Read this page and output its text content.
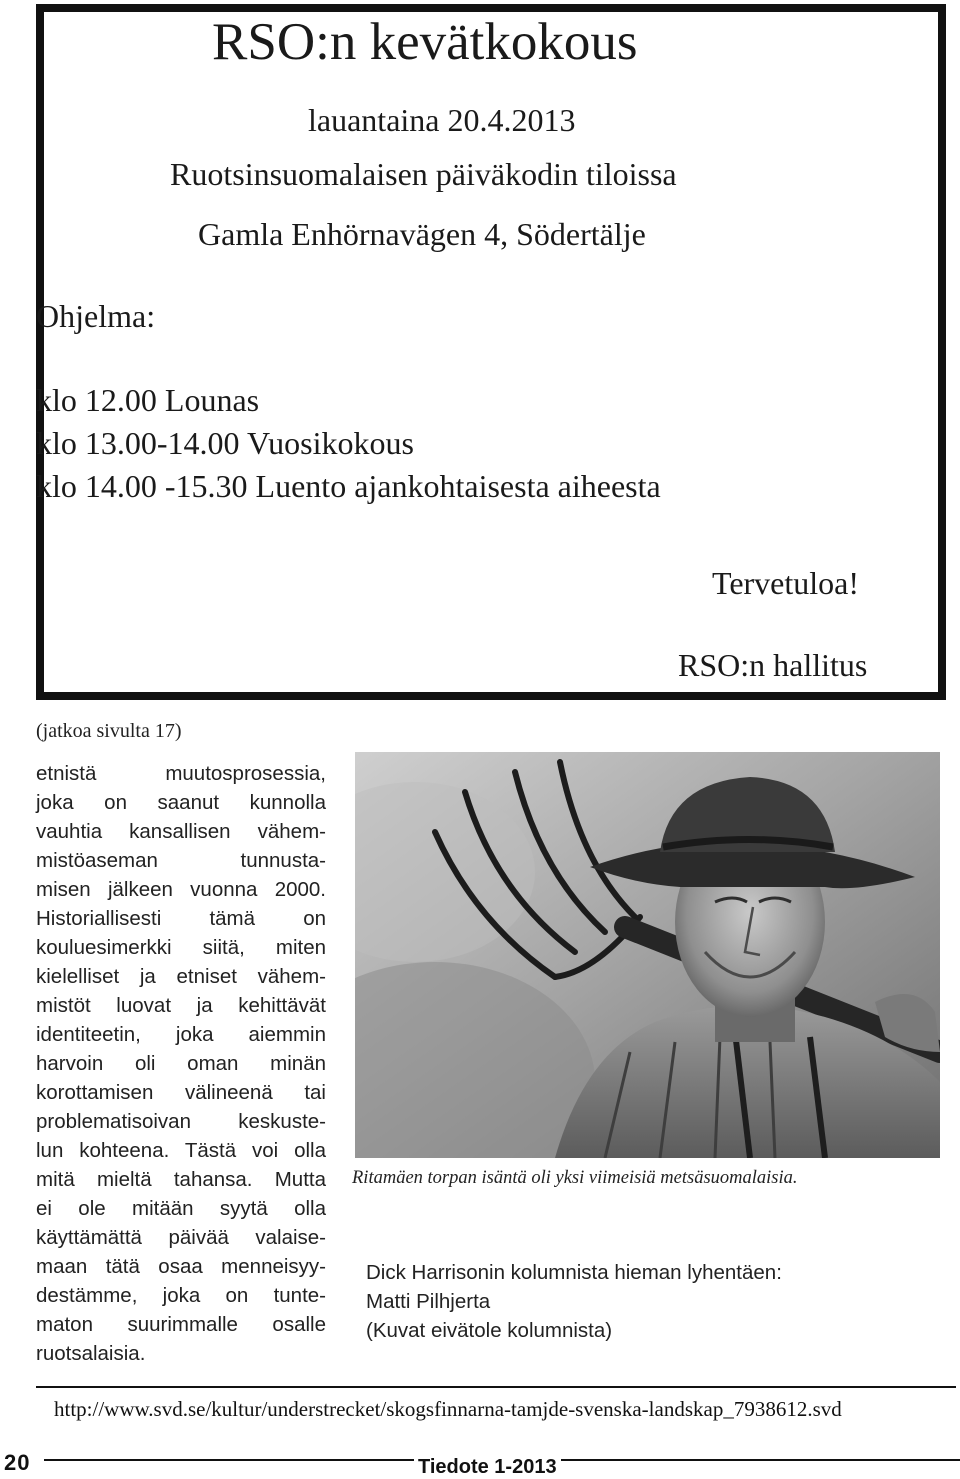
RSO:n kevätkokous
lauantaina 20.4.2013
Ruotsinsuomalaisen päiväkodin tiloissa
Gamla Enhörnavägen 4, Södertälje
Ohjelma:
klo 12.00 Lounas
klo 13.00-14.00 Vuosikokous
klo 14.00 -15.30 Luento ajankohtaisesta aiheesta
Tervetuloa!
RSO:n hallitus
(jatkoa sivulta 17)
etnistä muutosprosessia,
joka on saanut kunnolla
vauhtia kansallisen vähem-
mistöaseman tunnusta-
misen jälkeen vuonna 2000.
Historiallisesti tämä on
kouluesimerkki siitä, miten
kielelliset ja etniset vähem-
mistöt luovat ja kehittävät
identiteetin, joka aiemmin
harvoin oli oman minän
korottamisen välineenä tai
problematisoivan keskuste-
lun kohteena. Tästä voi olla
mitä mieltä tahansa. Mutta
ei ole mitään syytä olla
käyttämättä päivää valaise-
maan tätä osaa menneisyy-
destämme, joka on tunte-
maton suurimmalle osalle
ruotsalaisia.
Ritamäen torpan isäntä oli yksi viimeisiä metsäsuomalaisia.
Dick Harrisonin kolumnista hieman lyhentäen:
Matti Pilhjerta
(Kuvat eivätole kolumnista)
http://www.svd.se/kultur/understrecket/skogsfinnarna-tamjde-svenska-landskap_7938612.svd
20	Tiedote 1-2013
